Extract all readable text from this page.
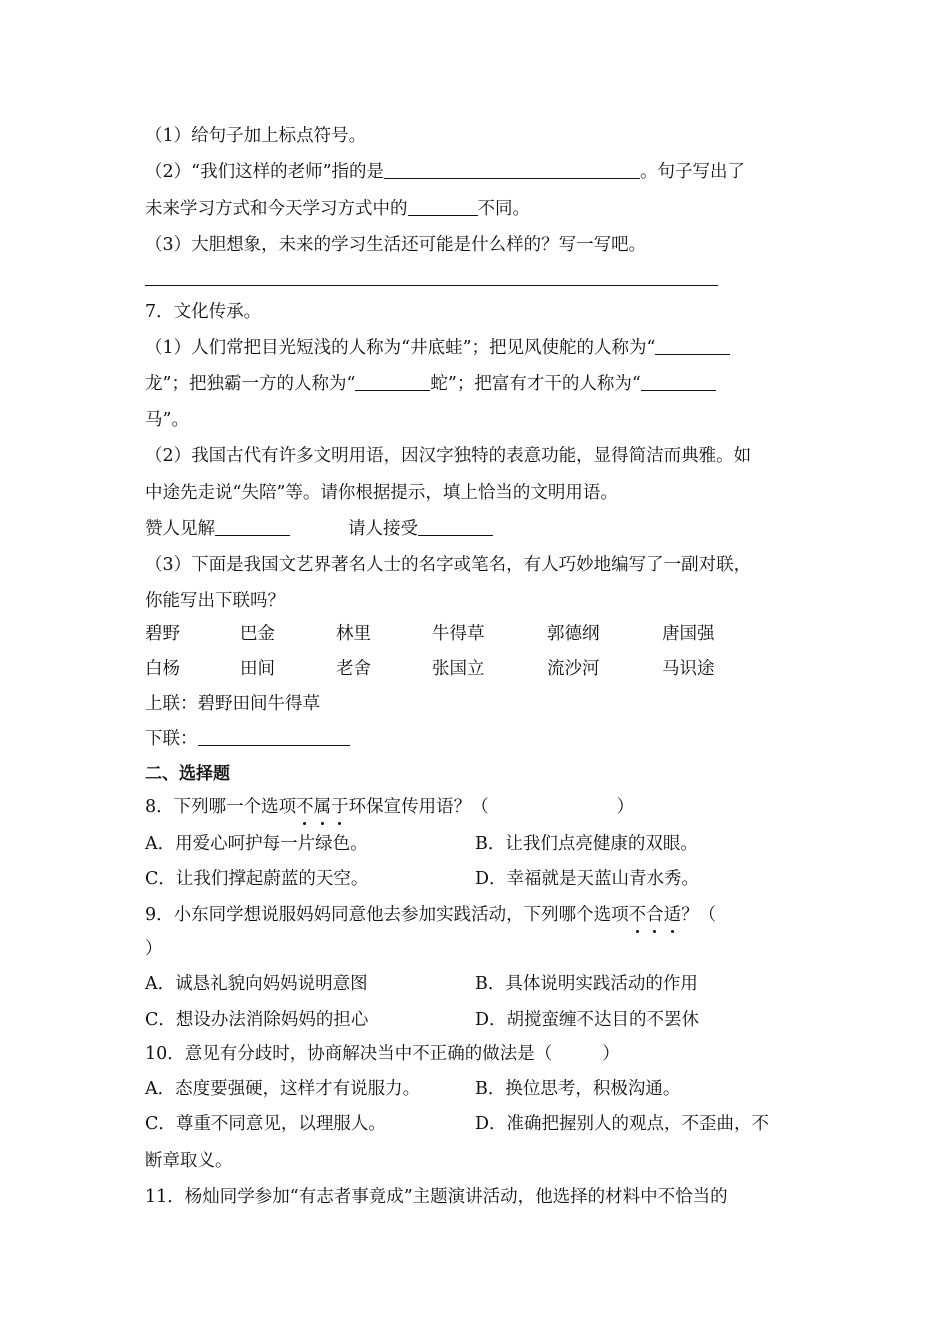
（1）给句子加上标点符号。
（2）“我们这样的老师”指的是	。句子写出了
未来学习方式和今天学习方式中的	不同。
（3）大胆想象，未来的学习生活还可能是什么样的？写一写吧。
7．文化传承。
（1）人们常把目光短浅的人称为“井底蛙”；把见风使舵的人称为“
龙”；把独霸一方的人称为“	蛇”；把富有才干的人称为“
马”。
（2）我国古代有许多文明用语，因汉字独特的表意功能，显得简洁而典雅。如
中途先走说“失陪”等。请你根据提示，填上恰当的文明用语。
赞人见解	请人接受
（3）下面是我国文艺界著名人士的名字或笔名，有人巧妙地编写了一副对联，
你能写出下联吗？
碧野	巴金	林里	牛得草	郭德纲	唐国强
白杨	田间	老舍	张国立	流沙河	马识途
上联：碧野田间牛得草
下联：
二、选择题
8．下列哪一个选项不属于环保宣传用语？（	）
A．用爱心呵护每一片绿色。	B．让我们点亮健康的双眼。
C．让我们撑起蔚蓝的天空。	D．幸福就是天蓝山青水秀。
9．小东同学想说服妈妈同意他去参加实践活动，下列哪个选项不合适？（
）
A．诚恳礼貌向妈妈说明意图	B．具体说明实践活动的作用
C．想设办法消除妈妈的担心	D．胡搅蛮缠不达目的不罢休
10．意见有分歧时，协商解决当中不正确的做法是（	）
A．态度要强硬，这样才有说服力。	B．换位思考，积极沟通。
C．尊重不同意见，以理服人。	D．准确把握别人的观点，不歪曲，不
断章取义。
11．杨灿同学参加“有志者事竟成”主题演讲活动，他选择的材料中不恰当的
